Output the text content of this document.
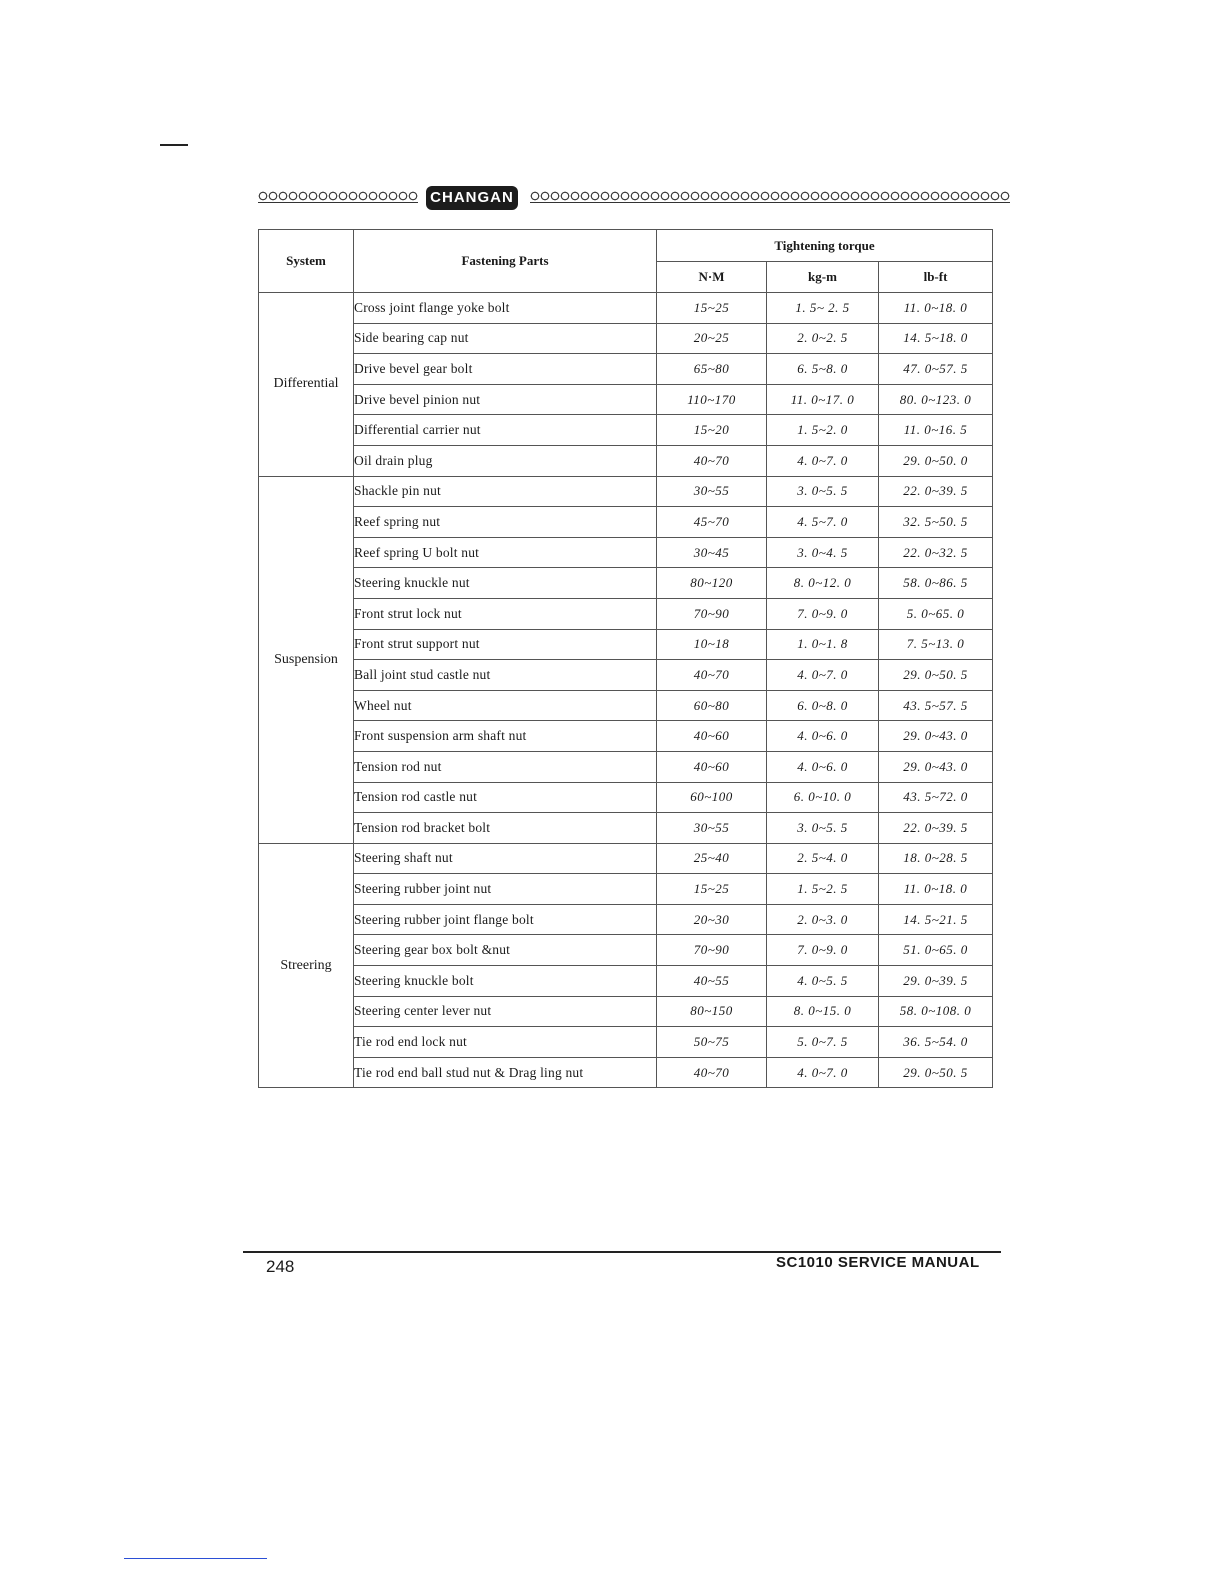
CHANGAN
System	Fastening Parts	Tightening torque		
		N·M	kg-m	lb-ft
Differential	Cross joint flange yoke bolt	15~25	1. 5~ 2. 5	11. 0~18. 0
	Side bearing cap nut	20~25	2. 0~2. 5	14. 5~18. 0
	Drive bevel gear bolt	65~80	6. 5~8. 0	47. 0~57. 5
	Drive bevel pinion nut	110~170	11. 0~17. 0	80. 0~123. 0
	Differential carrier nut	15~20	1. 5~2. 0	11. 0~16. 5
	Oil drain plug	40~70	4. 0~7. 0	29. 0~50. 0
Suspension	Shackle pin nut	30~55	3. 0~5. 5	22. 0~39. 5
	Reef spring nut	45~70	4. 5~7. 0	32. 5~50. 5
	Reef spring U bolt nut	30~45	3. 0~4. 5	22. 0~32. 5
	Steering knuckle nut	80~120	8. 0~12. 0	58. 0~86. 5
	Front strut lock nut	70~90	7. 0~9. 0	5. 0~65. 0
	Front strut support nut	10~18	1. 0~1. 8	7. 5~13. 0
	Ball joint stud castle nut	40~70	4. 0~7. 0	29. 0~50. 5
	Wheel nut	60~80	6. 0~8. 0	43. 5~57. 5
	Front suspension arm shaft nut	40~60	4. 0~6. 0	29. 0~43. 0
	Tension rod nut	40~60	4. 0~6. 0	29. 0~43. 0
	Tension rod castle nut	60~100	6. 0~10. 0	43. 5~72. 0
	Tension rod bracket bolt	30~55	3. 0~5. 5	22. 0~39. 5
Streering	Steering shaft nut	25~40	2. 5~4. 0	18. 0~28. 5
	Steering rubber joint nut	15~25	1. 5~2. 5	11. 0~18. 0
	Steering rubber joint flange bolt	20~30	2. 0~3. 0	14. 5~21. 5
	Steering gear box bolt &nut	70~90	7. 0~9. 0	51. 0~65. 0
	Steering knuckle bolt	40~55	4. 0~5. 5	29. 0~39. 5
	Steering center lever nut	80~150	8. 0~15. 0	58. 0~108. 0
	Tie rod end lock nut	50~75	5. 0~7. 5	36. 5~54. 0
	Tie rod end ball stud nut & Drag ling nut	40~70	4. 0~7. 0	29. 0~50. 5
248	SC1010 SERVICE MANUAL
